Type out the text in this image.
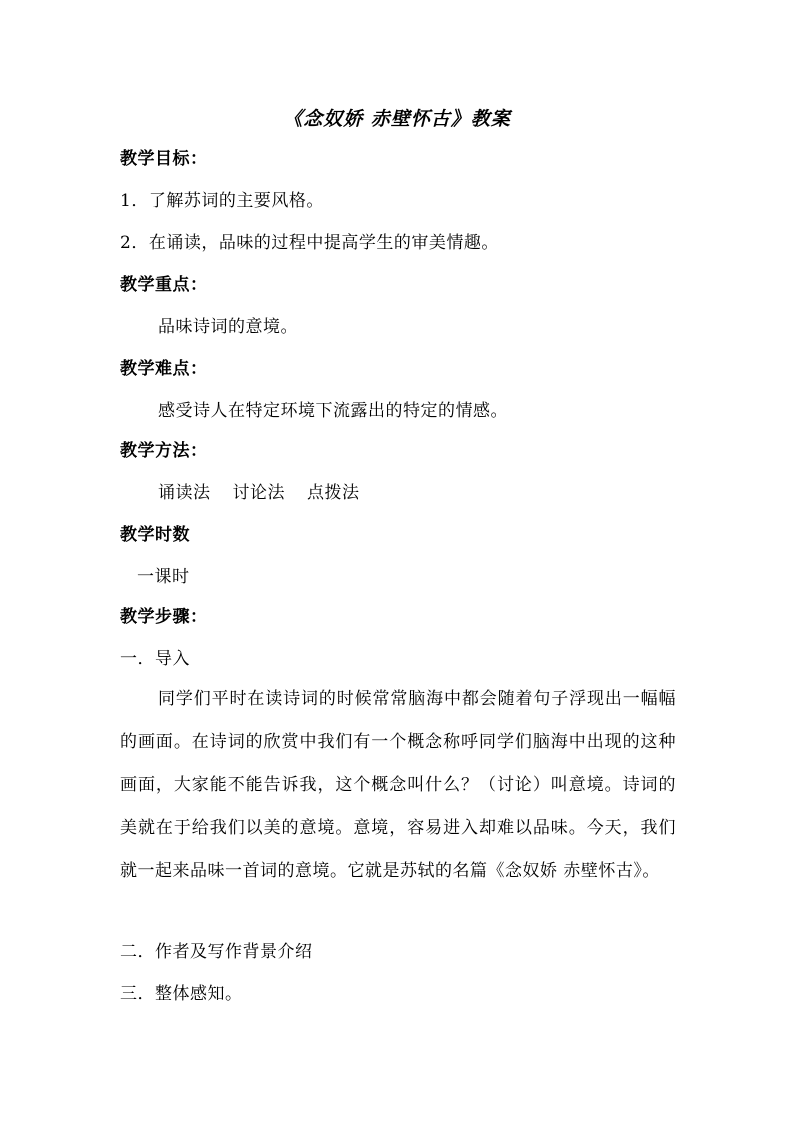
《念奴娇 赤壁怀古》教案
教学目标：
1．了解苏词的主要风格。
2．在诵读，品味的过程中提高学生的审美情趣。
教学重点：
品味诗词的意境。
教学难点：
感受诗人在特定环境下流露出的特定的情感。
教学方法：
诵读法 讨论法 点拨法
教学时数
一课时
教学步骤：
一．导入
同学们平时在读诗词的时候常常脑海中都会随着句子浮现出一幅幅的画面。在诗词的欣赏中我们有一个概念称呼同学们脑海中出现的这种画面，大家能不能告诉我，这个概念叫什么？（讨论）叫意境。诗词的美就在于给我们以美的意境。意境，容易进入却难以品味。今天，我们就一起来品味一首词的意境。它就是苏轼的名篇《念奴娇 赤壁怀古》。
二．作者及写作背景介绍
三．整体感知。
